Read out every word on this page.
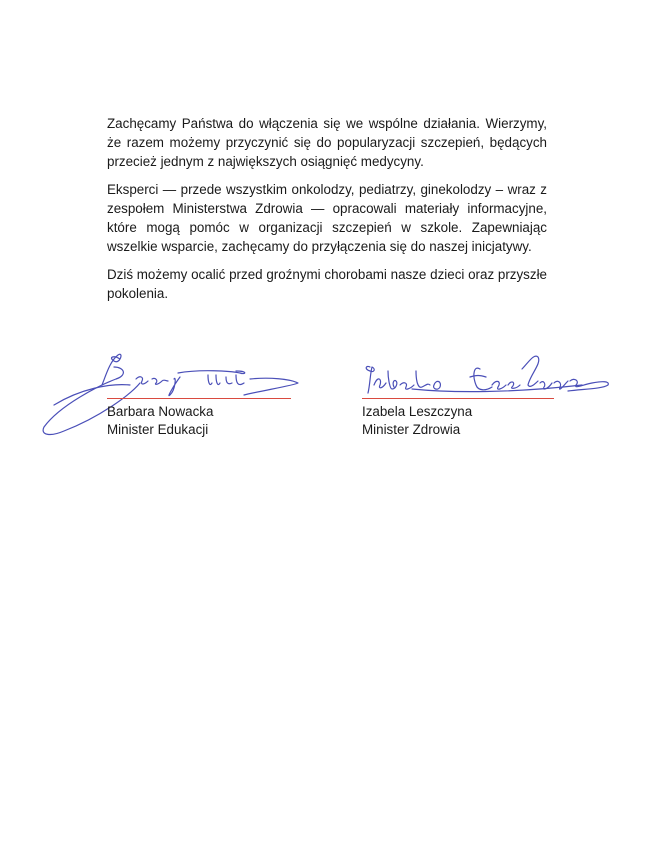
Zachęcamy Państwa do włączenia się we wspólne działania. Wierzymy, że razem możemy przyczynić się do popularyzacji szczepień, będących przecież jednym z największych osiągnięć medycyny.

Eksperci — przede wszystkim onkolodzy, pediatrzy, ginekolodzy – wraz z zespołem Ministerstwa Zdrowia — opracowali materiały informacyjne, które mogą pomóc w organizacji szczepień w szkole. Zapewniając wszelkie wsparcie, zachęcamy do przyłączenia się do naszej inicjatywy.

Dziś możemy ocalić przed groźnymi chorobami nasze dzieci oraz przyszłe pokolenia.

Barbara Nowacka
Minister Edukacji
Izabela Leszczyna
Minister Zdrowia
